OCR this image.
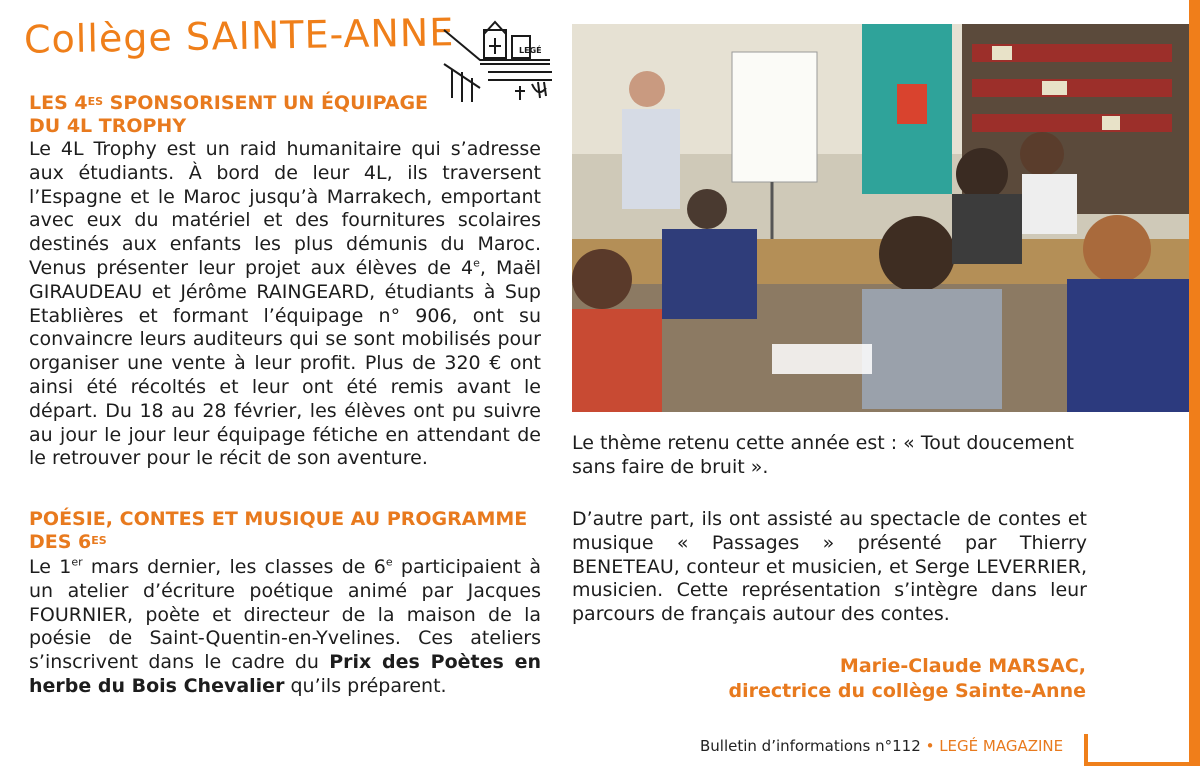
Collège SAINTE-ANNE	LEGÉ
LES $4^{ES}$ SPONSORISENT UN ÉQUIPAGE DU 4L TROPHY

Le 4L Trophy est un raid humanitaire qui s’adresse aux étudiants. À bord de leur 4L, ils traversent l’Espagne et le Maroc jusqu’à Marrakech, emportant avec eux du matériel et des fournitures scolaires destinés aux enfants les plus démunis du Maroc. Venus présenter leur projet aux élèves de 4e, Maël GIRAUDEAU et Jérôme RAINGEARD, étudiants à Sup Etablières et formant l’équipage n° 906, ont su convaincre leurs auditeurs qui se sont mobilisés pour organiser une vente à leur profit. Plus de 320 € ont ainsi été récoltés et leur ont été remis avant le départ. Du 18 au 28 février, les élèves ont pu suivre au jour le jour leur équipage fétiche en attendant de le retrouver pour le récit de son aventure.

POÉSIE, CONTES ET MUSIQUE AU PROGRAMME DES $6^{ES}$

Le 1er mars dernier, les classes de 6e participaient à un atelier d’écriture poétique animé par Jacques FOURNIER, poète et directeur de la maison de la poésie de Saint-Quentin-en-Yvelines. Ces ateliers s’inscrivent dans le cadre du Prix des Poètes en herbe du Bois Chevalier qu’ils préparent.

Le thème retenu cette année est : « Tout doucement sans faire de bruit ».

D’autre part, ils ont assisté au spectacle de contes et musique « Passages » présenté par Thierry BENETEAU, conteur et musicien, et Serge LEVERRIER, musicien. Cette représentation s’intègre dans leur parcours de français autour des contes.

Marie-Claude MARSAC,
directrice du collège Sainte-Anne

Bulletin d’informations n°112 • LEGÉ MAGAZINE
